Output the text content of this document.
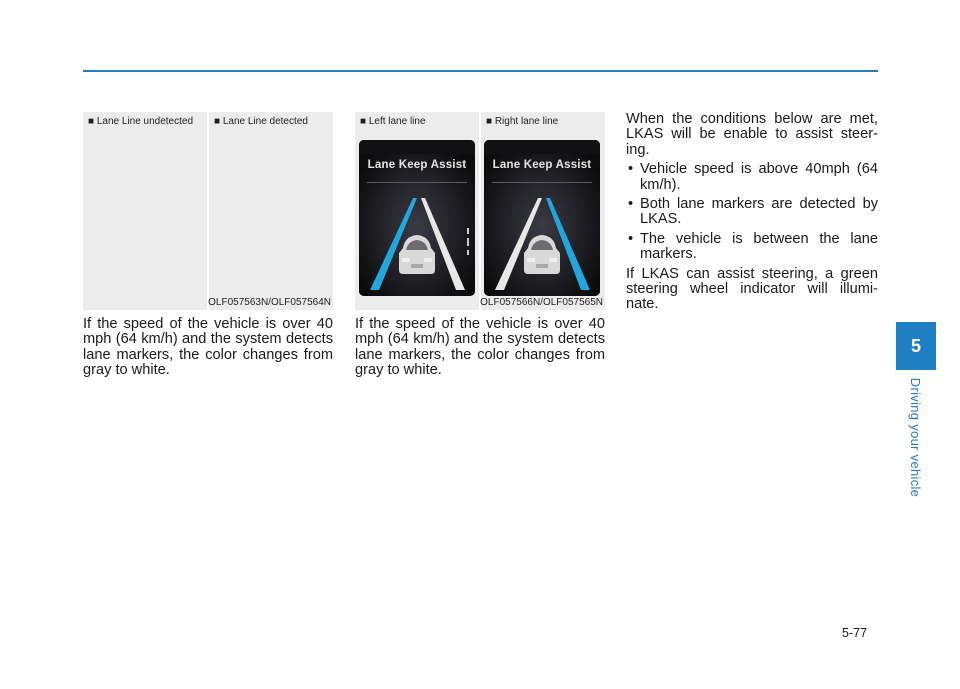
■ Lane Line undetected ■ Lane Line detected
OLF057563N/OLF057564N
■ Left lane line	■ Right lane line
Lane Keep Assist	Lane Keep Assist
OLF057566N/OLF057565N
If the speed of the vehicle is over 40 mph (64 km/h) and the system detects lane markers, the color changes from gray to white.
If the speed of the vehicle is over 40 mph (64 km/h) and the system detects lane markers, the color changes from gray to white.
When the conditions below are met, LKAS will be enable to assist steer-ing.
• Vehicle speed is above 40mph (64 km/h).
• Both lane markers are detected by LKAS.
• The vehicle is between the lane markers.
If LKAS can assist steering, a green steering wheel indicator will illumi-nate.
5
Driving your vehicle
5-77
